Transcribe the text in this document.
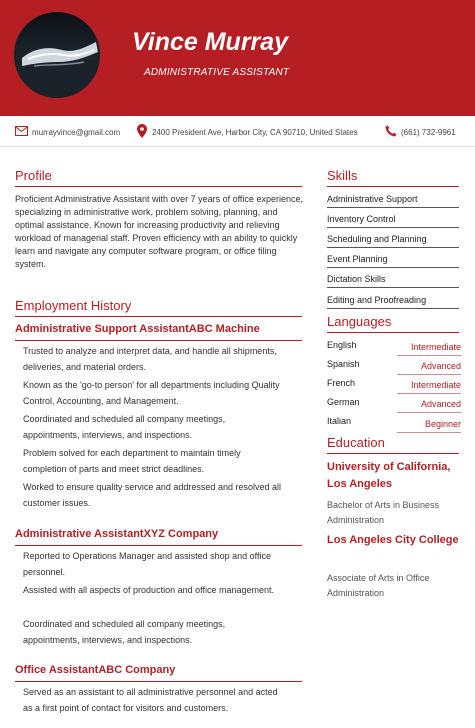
Vince Murray
ADMINISTRATIVE ASSISTANT
murrayvince@gmail.com	2400 President Ave, Harbor City, CA 90710, United States	(661) 732-9961
Profile
Proficient Administrative Assistant with over 7 years of office experience, specializing in administrative work, problem solving, planning, and optimal assistance. Known for increasing productivity and relieving workload of managerial staff. Proven efficiency with an ability to quickly learn and navigate any computer software program, or office filing system.
Employment History
Administrative Support AssistantABC Machine
Trusted to analyze and interpret data, and handle all shipments, deliveries, and material orders.
Known as the 'go-to person' for all departments including Quality Control, Accounting, and Management.
Coordinated and scheduled all company meetings, appointments, interviews, and inspections.
Problem solved for each department to maintain timely completion of parts and meet strict deadlines.
Worked to ensure quality service and addressed and resolved all customer issues.
Administrative AssistantXYZ Company
Reported to Operations Manager and assisted shop and office personnel.
Assisted with all aspects of production and office management.
Coordinated and scheduled all company meetings, appointments, interviews, and inspections.
Office AssistantABC Company
Served as an assistant to all administrative personnel and acted as a first point of contact for visitors and customers.
Skills
Administrative Support
Inventory Control
Scheduling and Planning
Event Planning
Dictation Skills
Editing and Proofreading
Languages
English	Intermediate
Spanish	Advanced
French	Intermediate
German	Advanced
Italian	Beginner
Education
University of California, Los Angeles
Bachelor of Arts in Business Administration
Los Angeles City College
Associate of Arts in Office Administration
